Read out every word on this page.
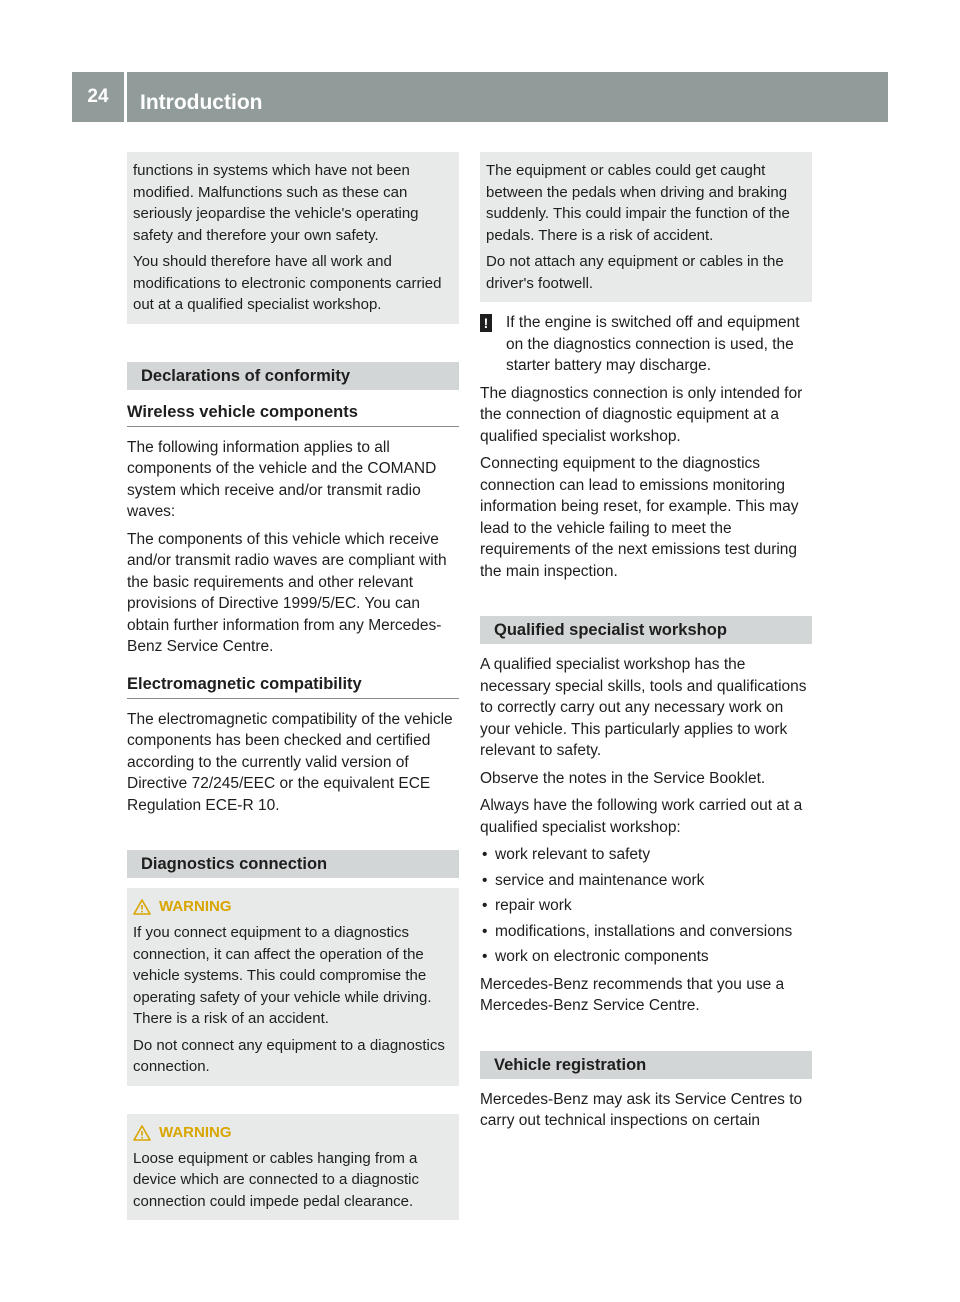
24	Introduction

functions in systems which have not been modified. Malfunctions such as these can seriously jeopardise the vehicle's operating safety and therefore your own safety.

You should therefore have all work and modifications to electronic components carried out at a qualified specialist workshop.

Declarations of conformity
Wireless vehicle components

The following information applies to all components of the vehicle and the COMAND system which receive and/or transmit radio waves:

The components of this vehicle which receive and/or transmit radio waves are compliant with the basic requirements and other relevant provisions of Directive 1999/5/EC. You can obtain further information from any Mercedes-Benz Service Centre.

Electromagnetic compatibility

The electromagnetic compatibility of the vehicle components has been checked and certified according to the currently valid version of Directive 72/245/EEC or the equivalent ECE Regulation ECE-R 10.

Diagnostics connection

WARNING

If you connect equipment to a diagnostics connection, it can affect the operation of the vehicle systems. This could compromise the operating safety of your vehicle while driving. There is a risk of an accident.

Do not connect any equipment to a diagnostics connection.

WARNING

Loose equipment or cables hanging from a device which are connected to a diagnostic connection could impede pedal clearance.

The equipment or cables could get caught between the pedals when driving and braking suddenly. This could impair the function of the pedals. There is a risk of accident.

Do not attach any equipment or cables in the driver's footwell.

! If the engine is switched off and equipment on the diagnostics connection is used, the starter battery may discharge.

The diagnostics connection is only intended for the connection of diagnostic equipment at a qualified specialist workshop.

Connecting equipment to the diagnostics connection can lead to emissions monitoring information being reset, for example. This may lead to the vehicle failing to meet the requirements of the next emissions test during the main inspection.

Qualified specialist workshop

A qualified specialist workshop has the necessary special skills, tools and qualifications to correctly carry out any necessary work on your vehicle. This particularly applies to work relevant to safety.

Observe the notes in the Service Booklet.

Always have the following work carried out at a qualified specialist workshop:

• work relevant to safety
• service and maintenance work
• repair work
• modifications, installations and conversions
• work on electronic components

Mercedes-Benz recommends that you use a Mercedes-Benz Service Centre.

Vehicle registration

Mercedes-Benz may ask its Service Centres to carry out technical inspections on certain
